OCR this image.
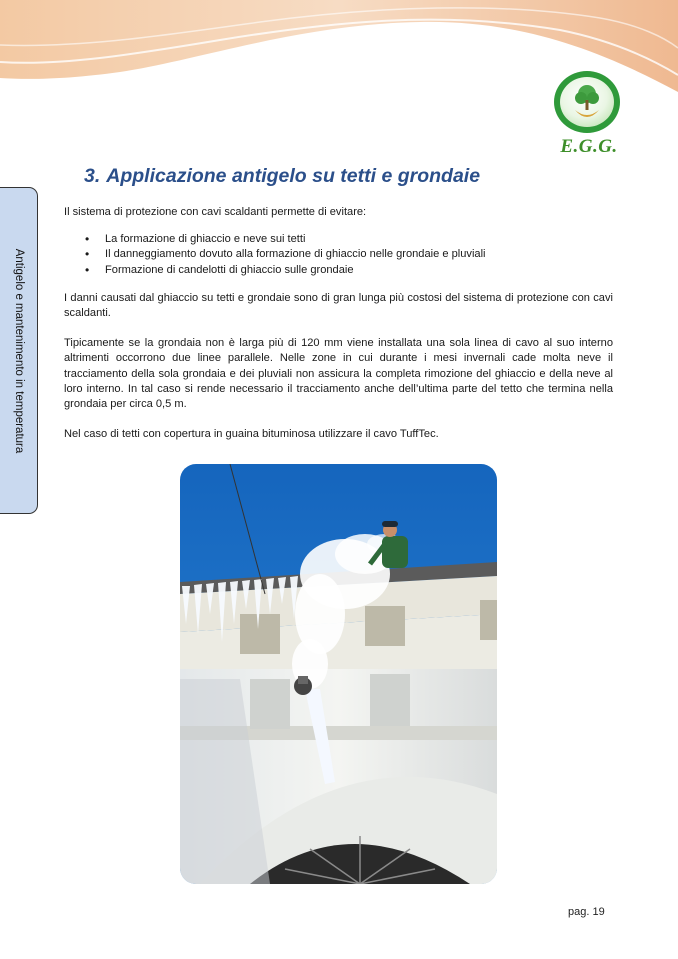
E.G.G.
Antigelo e mantenimento in temperatura
3. Applicazione antigelo su tetti e grondaie

Il sistema di protezione con cavi scaldanti permette di evitare:

• La formazione di ghiaccio e neve sui tetti
• Il danneggiamento dovuto alla formazione di ghiaccio nelle grondaie e pluviali
• Formazione di candelotti di ghiaccio sulle grondaie

I danni causati dal ghiaccio su tetti e grondaie sono di gran lunga più costosi del sistema di protezione con cavi scaldanti.

Tipicamente se la grondaia non è larga più di 120 mm viene installata una sola linea di cavo al suo interno altrimenti occorrono due linee parallele. Nelle zone in cui durante i mesi invernali cade molta neve il tracciamento della sola grondaia e dei pluviali non assicura la completa rimozione del ghiaccio e della neve al loro interno. In tal caso si rende necessario il tracciamento anche dell’ultima parte del tetto che termina nella grondaia per circa 0,5 m.

Nel caso di tetti con copertura in guaina bituminosa utilizzare il cavo TuffTec.

pag. 19
